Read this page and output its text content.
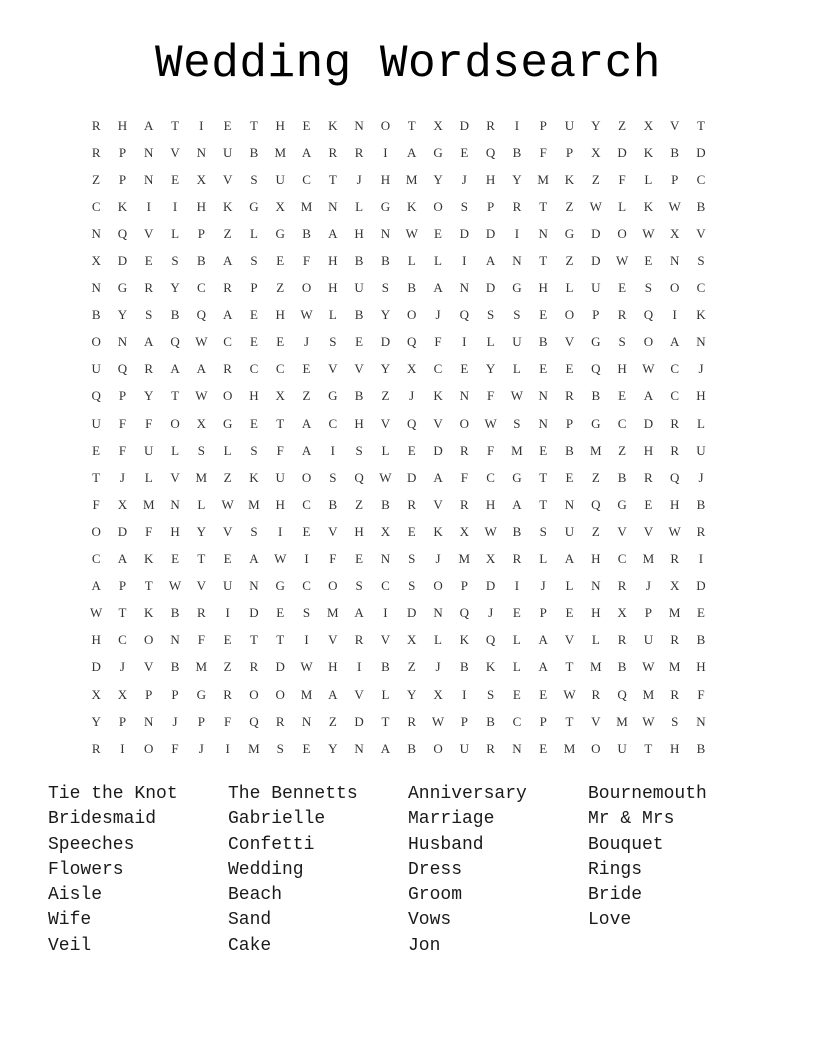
Wedding Wordsearch
R	H	A	T	I	E	T	H	E	K	N	O	T	X	D	R	I	P	U	Y	Z	X	V	T
R	P	N	V	N	U	B	M	A	R	R	I	A	G	E	Q	B	F	P	X	D	K	B	D
Z	P	N	E	X	V	S	U	C	T	J	H	M	Y	J	H	Y	M	K	Z	F	L	P	C
C	K	I	I	H	K	G	X	M	N	L	G	K	O	S	P	R	T	Z	W	L	K	W	B
N	Q	V	L	P	Z	L	G	B	A	H	N	W	E	D	D	I	N	G	D	O	W	X	V
X	D	E	S	B	A	S	E	F	H	B	B	L	L	I	A	N	T	Z	D	W	E	N	S
N	G	R	Y	C	R	P	Z	O	H	U	S	B	A	N	D	G	H	L	U	E	S	O	C
B	Y	S	B	Q	A	E	H	W	L	B	Y	O	J	Q	S	S	E	O	P	R	Q	I	K
O	N	A	Q	W	C	E	E	J	S	E	D	Q	F	I	L	U	B	V	G	S	O	A	N
U	Q	R	A	A	R	C	C	E	V	V	Y	X	C	E	Y	L	E	E	Q	H	W	C	J
Q	P	Y	T	W	O	H	X	Z	G	B	Z	J	K	N	F	W	N	R	B	E	A	C	H
U	F	F	O	X	G	E	T	A	C	H	V	Q	V	O	W	S	N	P	G	C	D	R	L
E	F	U	L	S	L	S	F	A	I	S	L	E	D	R	F	M	E	B	M	Z	H	R	U
T	J	L	V	M	Z	K	U	O	S	Q	W	D	A	F	C	G	T	E	Z	B	R	Q	J
F	X	M	N	L	W	M	H	C	B	Z	B	R	V	R	H	A	T	N	Q	G	E	H	B
O	D	F	H	Y	V	S	I	E	V	H	X	E	K	X	W	B	S	U	Z	V	V	W	R
C	A	K	E	T	E	A	W	I	F	E	N	S	J	M	X	R	L	A	H	C	M	R	I
A	P	T	W	V	U	N	G	C	O	S	C	S	O	P	D	I	J	L	N	R	J	X	D
W	T	K	B	R	I	D	E	S	M	A	I	D	N	Q	J	E	P	E	H	X	P	M	E
H	C	O	N	F	E	T	T	I	V	R	V	X	L	K	Q	L	A	V	L	R	U	R	B
D	J	V	B	M	Z	R	D	W	H	I	B	Z	J	B	K	L	A	T	M	B	W	M	H
X	X	P	P	G	R	O	O	M	A	V	L	Y	X	I	S	E	E	W	R	Q	M	R	F
Y	P	N	J	P	F	Q	R	N	Z	D	T	R	W	P	B	C	P	T	V	M	W	S	N
R	I	O	F	J	I	M	S	E	Y	N	A	B	O	U	R	N	E	M	O	U	T	H	B
Tie the Knot
Bridesmaid
Speeches
Flowers
Aisle
Wife
Veil
The Bennetts
Gabrielle
Confetti
Wedding
Beach
Sand
Cake
Anniversary
Marriage
Husband
Dress
Groom
Vows
Jon
Bournemouth
Mr & Mrs
Bouquet
Rings
Bride
Love
